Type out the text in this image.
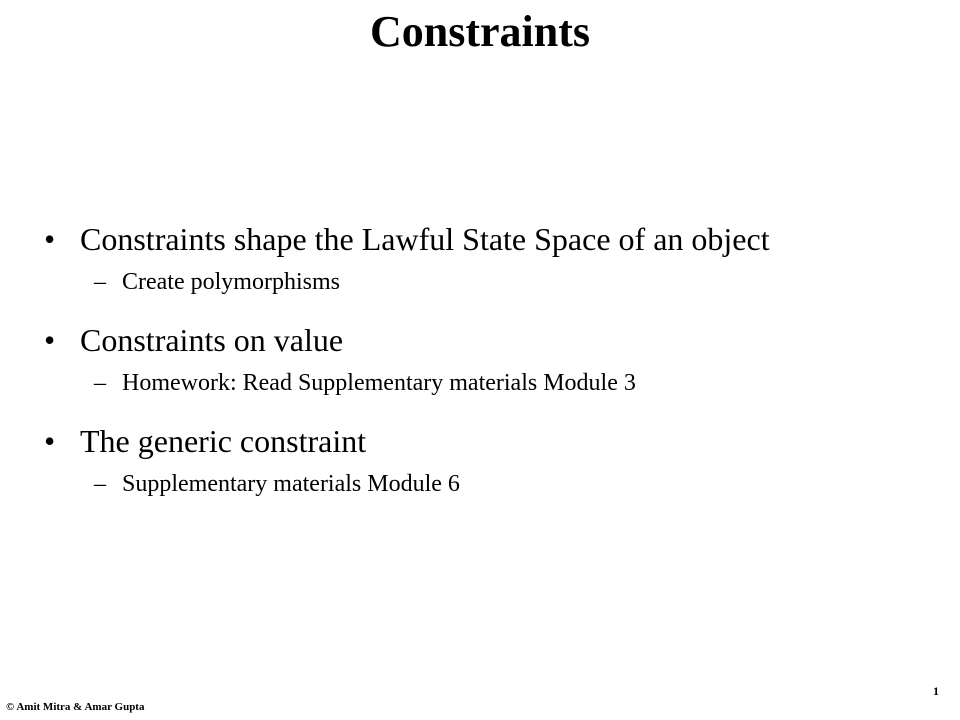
Constraints
• Constraints shape the Lawful State Space of an object
– Create polymorphisms
• Constraints on value
– Homework: Read Supplementary materials Module 3
• The generic constraint
– Supplementary materials Module 6
© Amit Mitra & Amar Gupta
1
